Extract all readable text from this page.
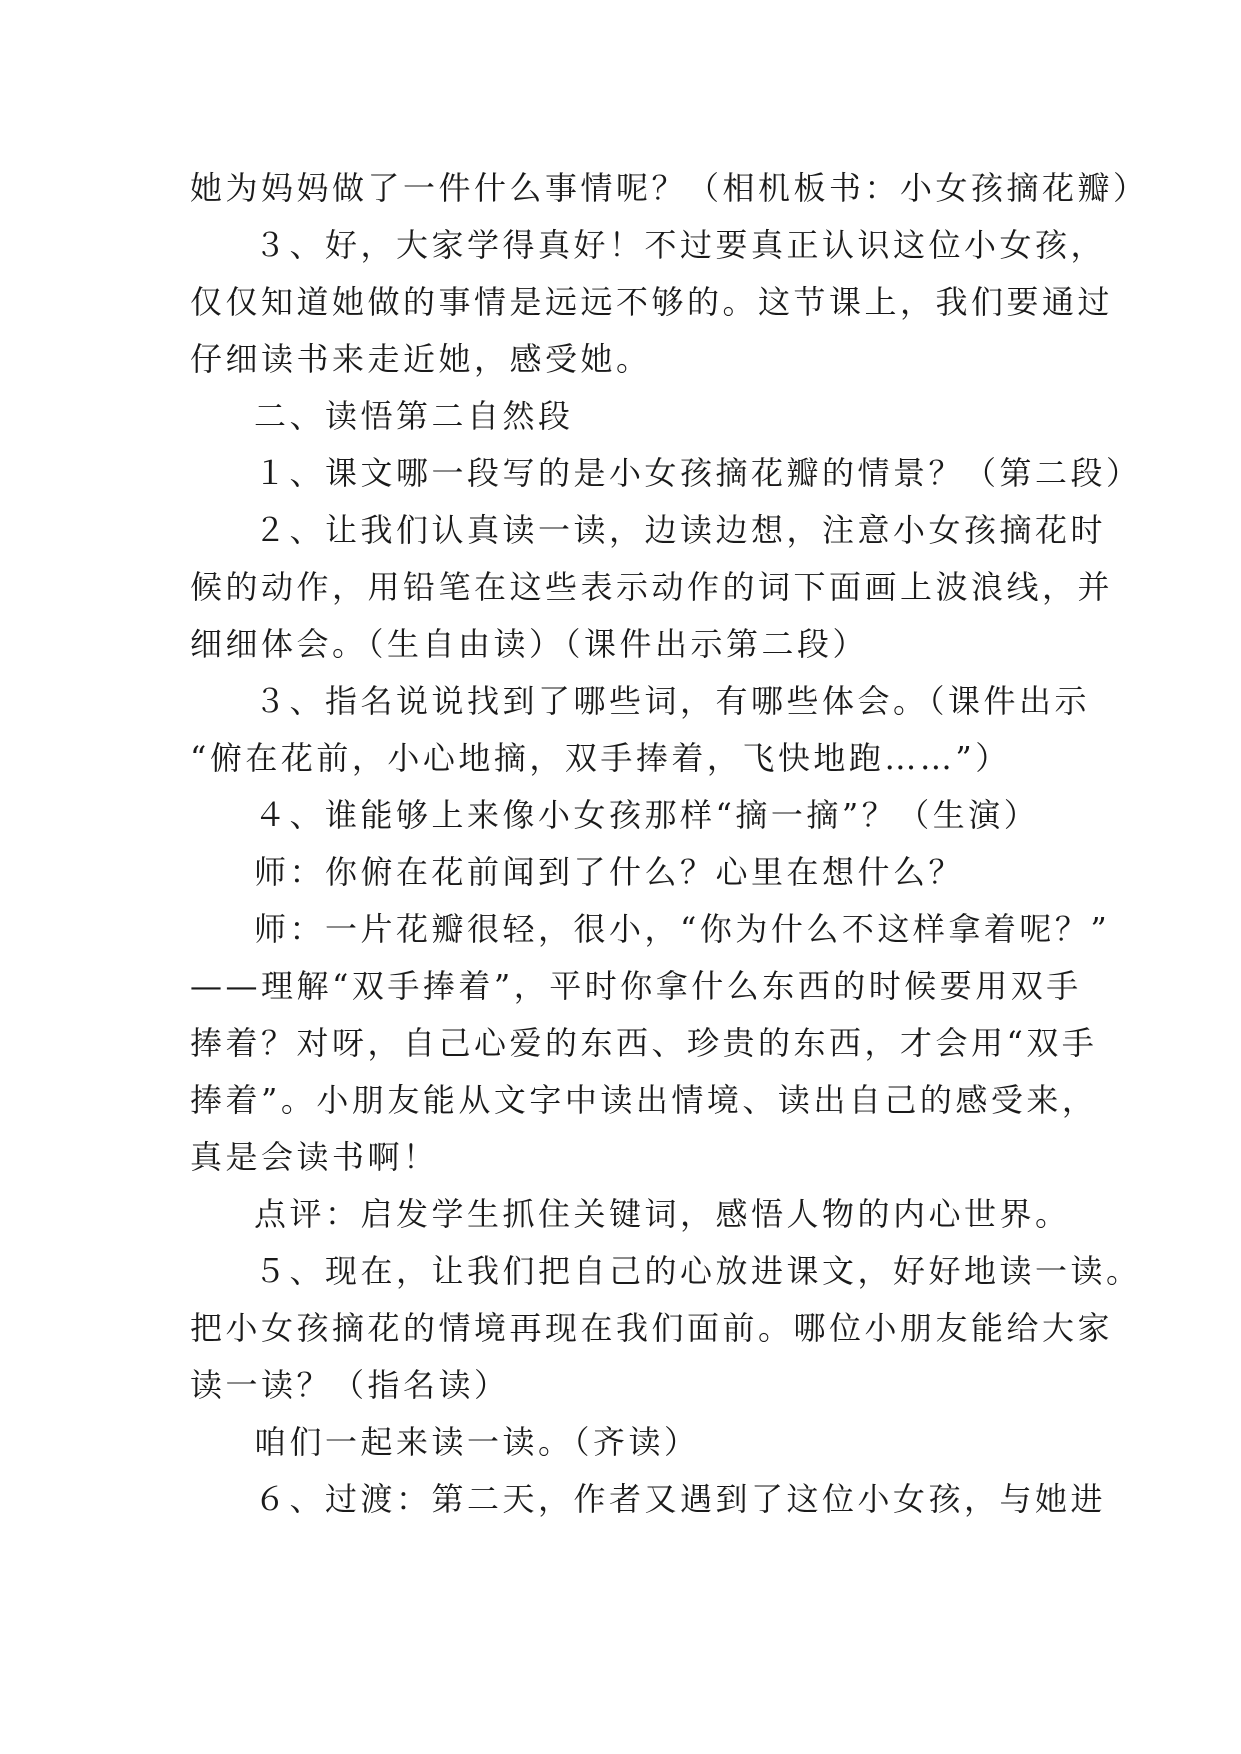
她为妈妈做了一件什么事情呢？（相机板书：小女孩摘花瓣）
３、好，大家学得真好！不过要真正认识这位小女孩，
仅仅知道她做的事情是远远不够的。这节课上，我们要通过
仔细读书来走近她，感受她。
二、读悟第二自然段
１、课文哪一段写的是小女孩摘花瓣的情景？（第二段）
２、让我们认真读一读，边读边想，注意小女孩摘花时
候的动作，用铅笔在这些表示动作的词下面画上波浪线，并
细细体会。（生自由读）（课件出示第二段）
３、指名说说找到了哪些词，有哪些体会。（课件出示
“俯在花前，小心地摘，双手捧着，飞快地跑……”）
４、谁能够上来像小女孩那样“摘一摘”？（生演）
师：你俯在花前闻到了什么？心里在想什么？
师：一片花瓣很轻，很小，“你为什么不这样拿着呢？”
——理解“双手捧着”，平时你拿什么东西的时候要用双手
捧着？对呀，自己心爱的东西、珍贵的东西，才会用“双手
捧着”。小朋友能从文字中读出情境、读出自己的感受来，
真是会读书啊！
点评：启发学生抓住关键词，感悟人物的内心世界。
５、现在，让我们把自己的心放进课文，好好地读一读。
把小女孩摘花的情境再现在我们面前。哪位小朋友能给大家
读一读？（指名读）
咱们一起来读一读。（齐读）
６、过渡：第二天，作者又遇到了这位小女孩，与她进
